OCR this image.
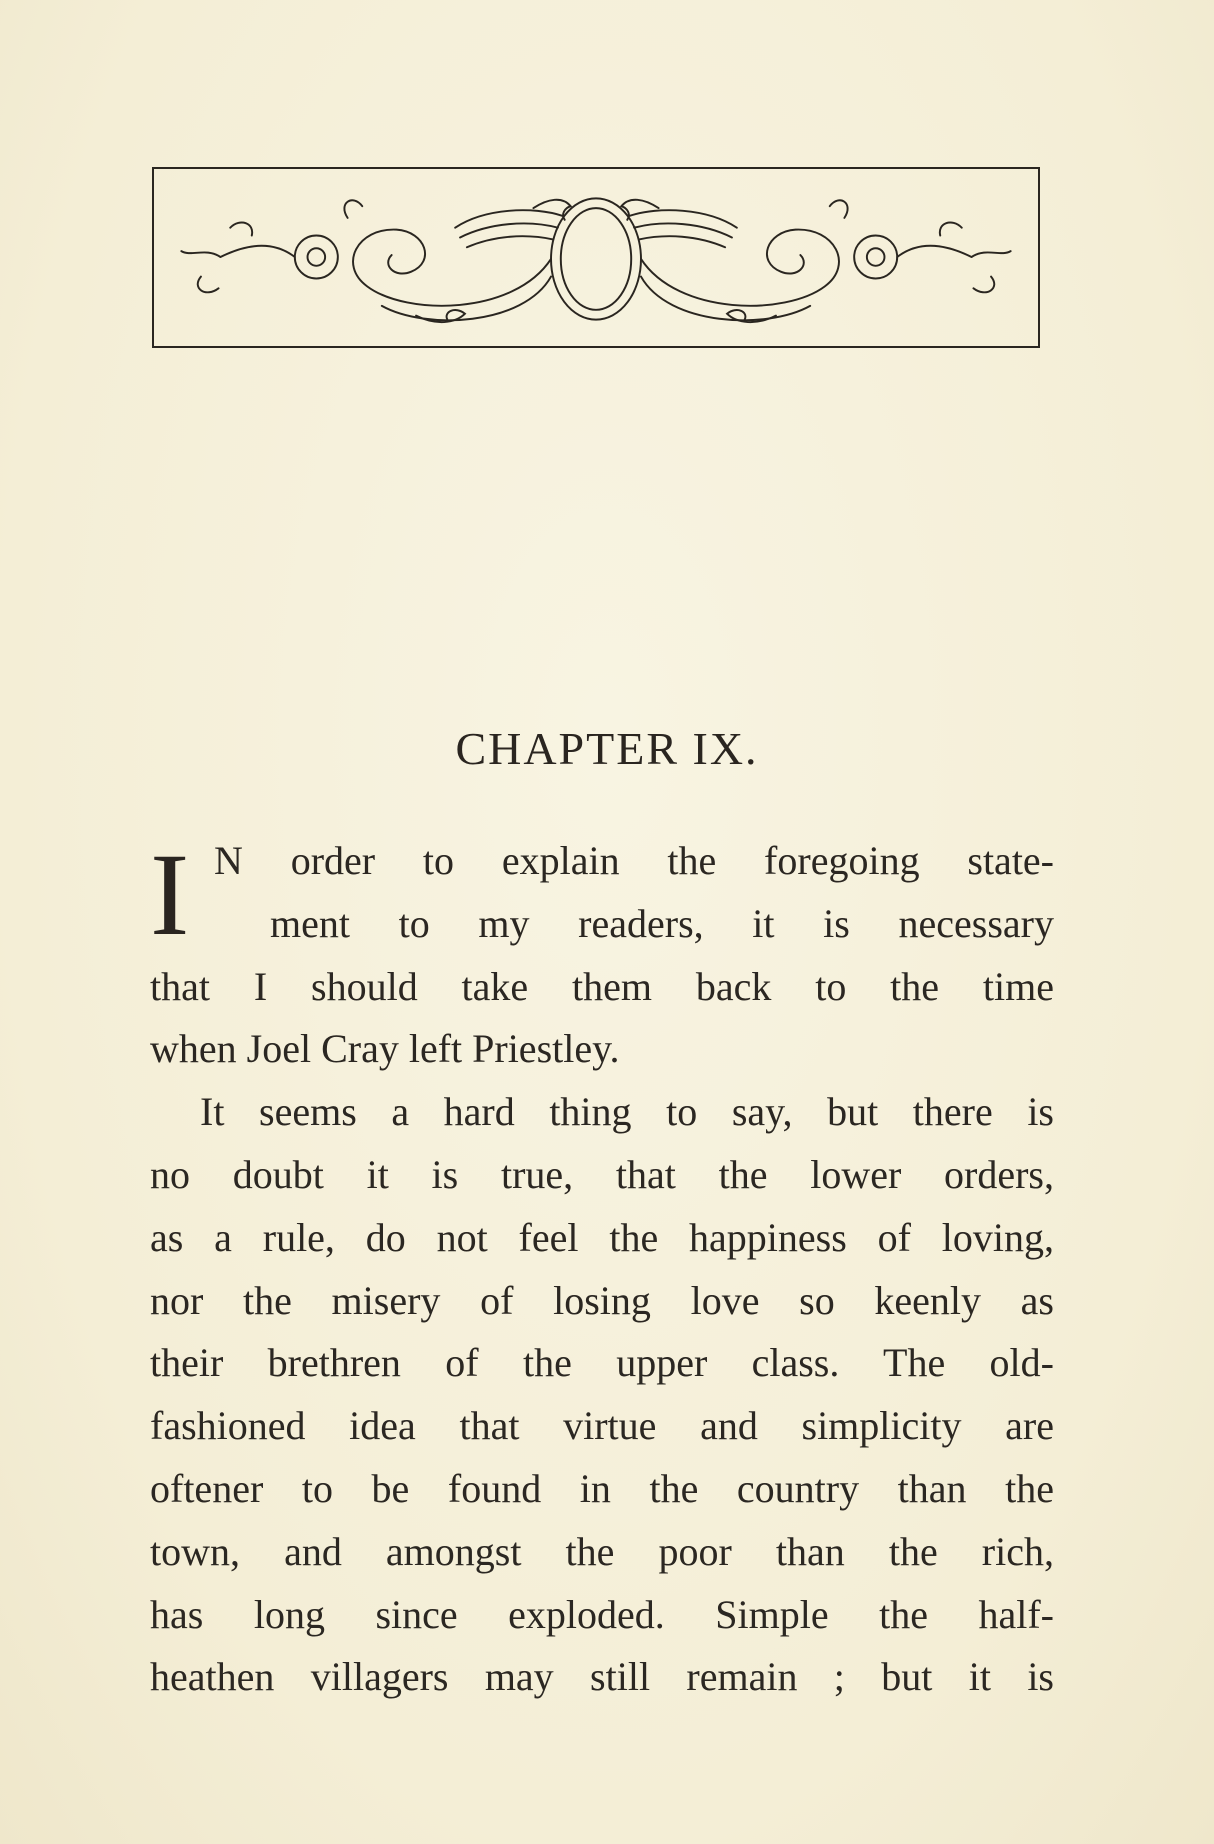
CHAPTER IX.
I N order to explain the foregoing state-
ment to my readers, it is necessary
that I should take them back to the time
when Joel Cray left Priestley.
It seems a hard thing to say, but there is
no doubt it is true, that the lower orders,
as a rule, do not feel the happiness of loving,
nor the misery of losing love so keenly as
their brethren of the upper class. The old-
fashioned idea that virtue and simplicity are
oftener to be found in the country than the
town, and amongst the poor than the rich,
has long since exploded. Simple the half-
heathen villagers may still remain ; but it is
